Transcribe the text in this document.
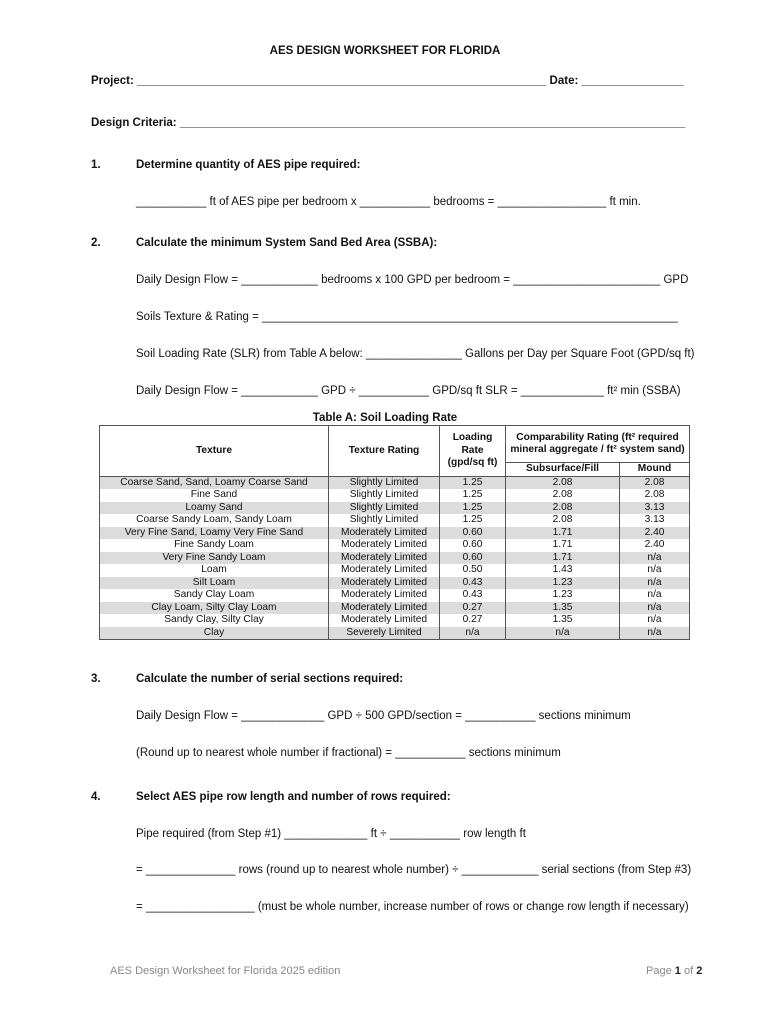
AES DESIGN WORKSHEET FOR FLORIDA
Project: ________________________________________________________________ Date: ________________
Design Criteria: _______________________________________________________________________________
1.	Determine quantity of AES pipe required:
___________ ft of AES pipe per bedroom x ___________ bedrooms = _________________ ft min.
2.	Calculate the minimum System Sand Bed Area (SSBA):
Daily Design Flow = ____________ bedrooms x 100 GPD per bedroom = _______________________ GPD
Soils Texture & Rating = _________________________________________________________________
Soil Loading Rate (SLR) from Table A below: _______________ Gallons per Day per Square Foot (GPD/sq ft)
Daily Design Flow = ____________ GPD ÷ ___________ GPD/sq ft SLR = _____________ ft² min (SSBA)
Table A: Soil Loading Rate
Texture	Texture Rating	Loading Rate (gpd/sq ft)	Comparability Rating (ft² required mineral aggregate / ft² system sand)	
			Subsurface/Fill	Mound
Coarse Sand, Sand, Loamy Coarse Sand	Slightly Limited	1.25	2.08	2.08
Fine Sand	Slightly Limited	1.25	2.08	2.08
Loamy Sand	Slightly Limited	1.25	2.08	3.13
Coarse Sandy Loam, Sandy Loam	Slightly Limited	1.25	2.08	3.13
Very Fine Sand, Loamy Very Fine Sand	Moderately Limited	0.60	1.71	2.40
Fine Sandy Loam	Moderately Limited	0.60	1.71	2.40
Very Fine Sandy Loam	Moderately Limited	0.60	1.71	n/a
Loam	Moderately Limited	0.50	1.43	n/a
Silt Loam	Moderately Limited	0.43	1.23	n/a
Sandy Clay Loam	Moderately Limited	0.43	1.23	n/a
Clay Loam, Silty Clay Loam	Moderately Limited	0.27	1.35	n/a
Sandy Clay, Silty Clay	Moderately Limited	0.27	1.35	n/a
Clay	Severely Limited	n/a	n/a	n/a
3.	Calculate the number of serial sections required:
Daily Design Flow = _____________ GPD ÷ 500 GPD/section = ___________ sections minimum
(Round up to nearest whole number if fractional) = ___________ sections minimum
4.	Select AES pipe row length and number of rows required:
Pipe required (from Step #1) _____________ ft ÷ ___________ row length ft
= ______________ rows (round up to nearest whole number) ÷ ____________ serial sections (from Step #3)
= _________________ (must be whole number, increase number of rows or change row length if necessary)
AES Design Worksheet for Florida 2025 edition	Page 1 of 2
